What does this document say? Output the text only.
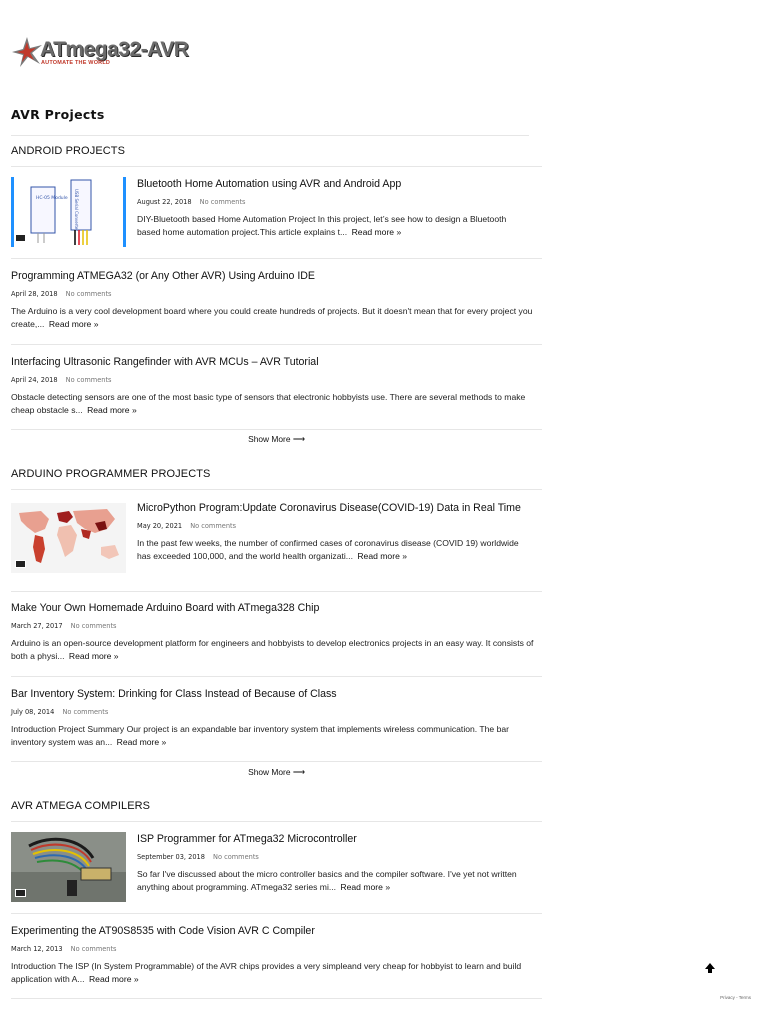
ATmega32-AVR
AUTOMATE THE WORLD
AVR Projects
ANDROID PROJECTS
HC-05 Module USB Serial Converter
Bluetooth Home Automation using AVR and Android App
August 22, 2018 No comments
DIY-Bluetooth based Home Automation Project In this project, let’s see how to design a Bluetooth based home automation project.This article explains t... Read more »
Programming ATMEGA32 (or Any Other AVR) Using Arduino IDE
April 28, 2018 No comments
The Arduino is a very cool development board where you could create hundreds of projects. But it doesn't mean that for every project you create,... Read more »
Interfacing Ultrasonic Rangefinder with AVR MCUs – AVR Tutorial
April 24, 2018 No comments
Obstacle detecting sensors are one of the most basic type of sensors that electronic hobbyists use. There are several methods to make cheap obstacle s... Read more »
Show More ⟶
ARDUINO PROGRAMMER PROJECTS
MicroPython Program:Update Coronavirus Disease(COVID-19) Data in Real Time
May 20, 2021 No comments
In the past few weeks, the number of confirmed cases of coronavirus disease (COVID 19) worldwide has exceeded 100,000, and the world health organizati... Read more »
Make Your Own Homemade Arduino Board with ATmega328 Chip
March 27, 2017 No comments
Arduino is an open-source development platform for engineers and hobbyists to develop electronics projects in an easy way. It consists of both a physi... Read more »
Bar Inventory System: Drinking for Class Instead of Because of Class
July 08, 2014 No comments
Introduction Project Summary Our project is an expandable bar inventory system that implements wireless communication. The bar inventory system was an... Read more »
Show More ⟶
AVR ATMEGA COMPILERS
ISP Programmer for ATmega32 Microcontroller
September 03, 2018 No comments
So far I've discussed about the micro controller basics and the compiler software. I've yet not written anything about programming. ATmega32 series mi... Read more »
Experimenting the AT90S8535 with Code Vision AVR C Compiler
March 12, 2013 No comments
Introduction The ISP (In System Programmable) of the AVR chips provides a very simpleand very cheap for hobbyist to learn and build application with A... Read more »
Privacy - Terms
